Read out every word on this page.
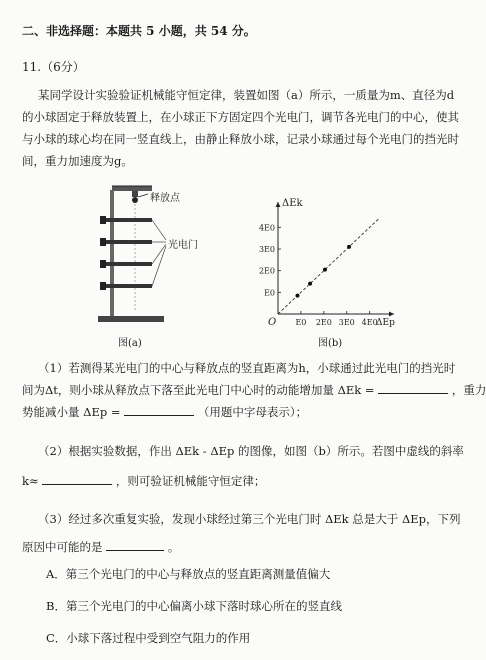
二、非选择题：本题共 5 小题，共 54 分。
11.（6分）
某同学设计实验验证机械能守恒定律，装置如图（a）所示，一质量为m、直径为d
的小球固定于释放装置上，在小球正下方固定四个光电门，调节各光电门的中心，使其
与小球的球心均在同一竖直线上，由静止释放小球，记录小球通过每个光电门的挡光时
间，重力加速度为g。
释放点
光电门
图(a)
E0 2E0 3E0 4E0
E0
2E0
3E0
4E0
O
ΔEk
ΔEp
图(b)
（1）若测得某光电门的中心与释放点的竖直距离为h，小球通过此光电门的挡光时
间为Δt，则小球从释放点下落至此光电门中心时的动能增加量 ΔEk =	，重力
势能减小量 ΔEp =	（用题中字母表示）；
（2）根据实验数据，作出 ΔEk - ΔEp 的图像，如图（b）所示。若图中虚线的斜率
k≈	，则可验证机械能守恒定律；
（3）经过多次重复实验，发现小球经过第三个光电门时 ΔEk 总是大于 ΔEp，下列
原因中可能的是	。
A．第三个光电门的中心与释放点的竖直距离测量值偏大
B．第三个光电门的中心偏离小球下落时球心所在的竖直线
C．小球下落过程中受到空气阻力的作用
